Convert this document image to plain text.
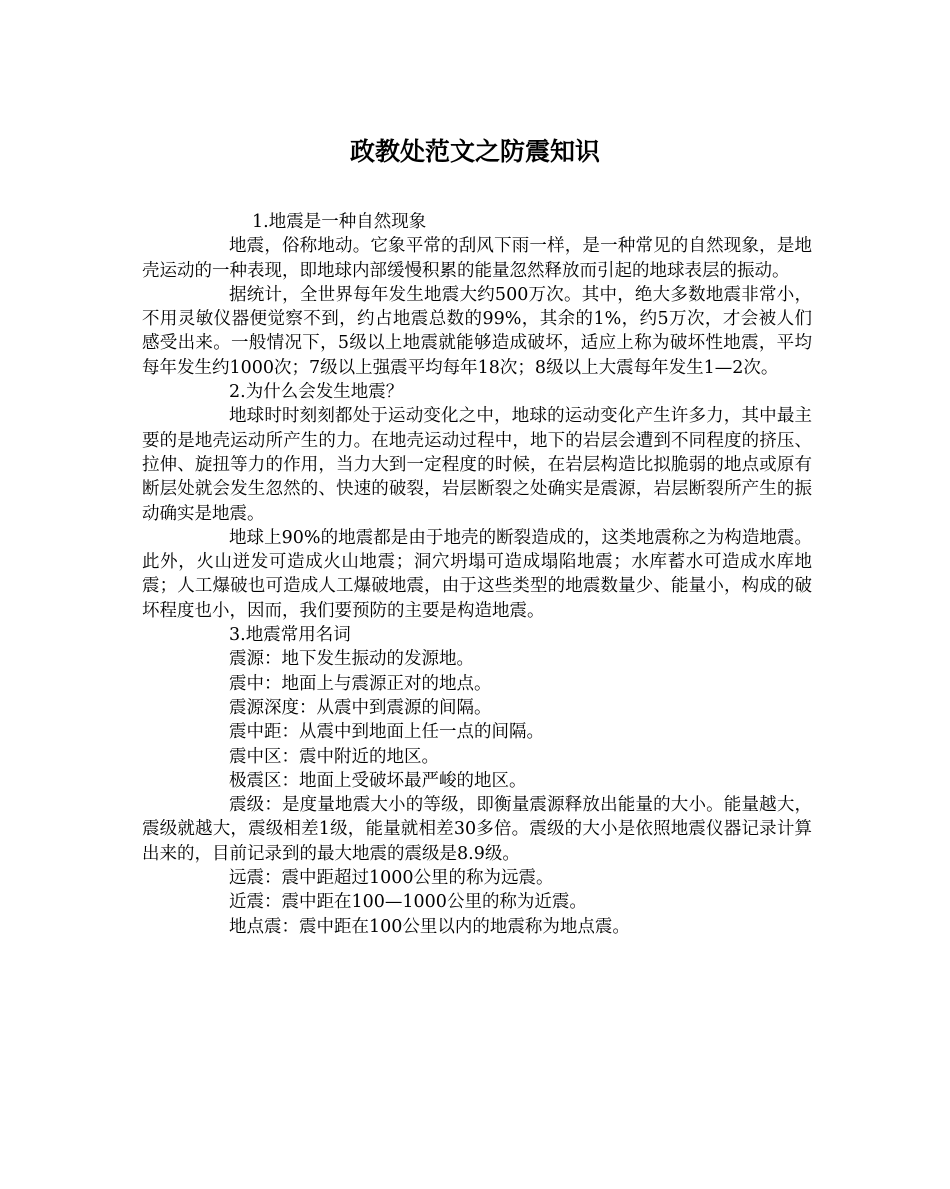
政教处范文之防震知识

1.地震是一种自然现象

地震，俗称地动。它象平常的刮风下雨一样，是一种常见的自然现象，是地壳运动的一种表现，即地球内部缓慢积累的能量忽然释放而引起的地球表层的振动。

据统计，全世界每年发生地震大约500万次。其中，绝大多数地震非常小，不用灵敏仪器便觉察不到，约占地震总数的99%，其余的1%，约5万次，才会被人们感受出来。一般情况下，5级以上地震就能够造成破坏，适应上称为破坏性地震，平均每年发生约1000次；7级以上强震平均每年18次；8级以上大震每年发生1—2次。

2.为什么会发生地震？

地球时时刻刻都处于运动变化之中，地球的运动变化产生许多力，其中最主要的是地壳运动所产生的力。在地壳运动过程中，地下的岩层会遭到不同程度的挤压、拉伸、旋扭等力的作用，当力大到一定程度的时候，在岩层构造比拟脆弱的地点或原有断层处就会发生忽然的、快速的破裂，岩层断裂之处确实是震源，岩层断裂所产生的振动确实是地震。

地球上90%的地震都是由于地壳的断裂造成的，这类地震称之为构造地震。此外，火山迸发可造成火山地震；洞穴坍塌可造成塌陷地震；水库蓄水可造成水库地震；人工爆破也可造成人工爆破地震，由于这些类型的地震数量少、能量小，构成的破坏程度也小，因而，我们要预防的主要是构造地震。

3.地震常用名词

震源：地下发生振动的发源地。

震中：地面上与震源正对的地点。

震源深度：从震中到震源的间隔。

震中距：从震中到地面上任一点的间隔。

震中区：震中附近的地区。

极震区：地面上受破坏最严峻的地区。

震级：是度量地震大小的等级，即衡量震源释放出能量的大小。能量越大，震级就越大，震级相差1级，能量就相差30多倍。震级的大小是依照地震仪器记录计算出来的，目前记录到的最大地震的震级是8.9级。

远震：震中距超过1000公里的称为远震。

近震：震中距在100—1000公里的称为近震。

地点震：震中距在100公里以内的地震称为地点震。
